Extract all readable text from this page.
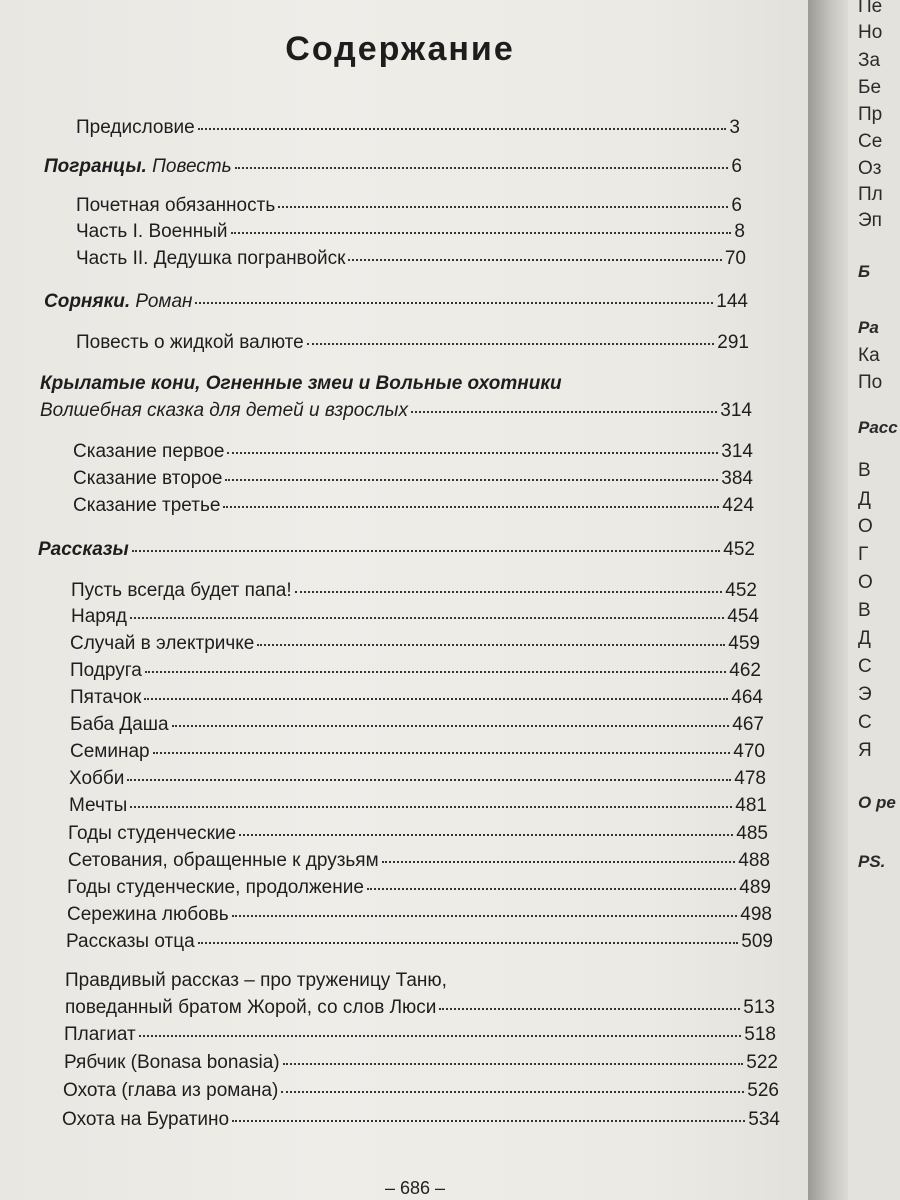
Содержание
Предисловие	3
Погранцы. Повесть	6
Почетная обязанность	6
Часть I. Военный	8
Часть II. Дедушка погранвойск	70
Сорняки. Роман	144
Повесть о жидкой валюте	291
Крылатые кони, Огненные змеи и Вольные охотники
Волшебная сказка для детей и взрослых	314
Сказание первое	314
Сказание второе	384
Сказание третье	424
Рассказы	452
Пусть всегда будет папа!	452
Наряд	454
Случай в электричке	459
Подруга	462
Пятачок	464
Баба Даша	467
Семинар	470
Хобби	478
Мечты	481
Годы студенческие	485
Сетования, обращенные к друзьям	488
Годы студенческие, продолжение	489
Сережина любовь	498
Рассказы отца	509
Правдивый рассказ – про труженицу Таню,
поведанный братом Жорой, со слов Люси	513
Плагиат	518
Рябчик (Bonasa bonasia)	522
Охота (глава из романа)	526
Охота на Буратино	534
– 686 –
Пе
Но
За
Бе
Пр
Се
Оз
Пл
Эп
Б
Ра
Ка
По
Расс
В
Д
О
Г
О
В
Д
С
Э
С
Я
О ре
PS.
